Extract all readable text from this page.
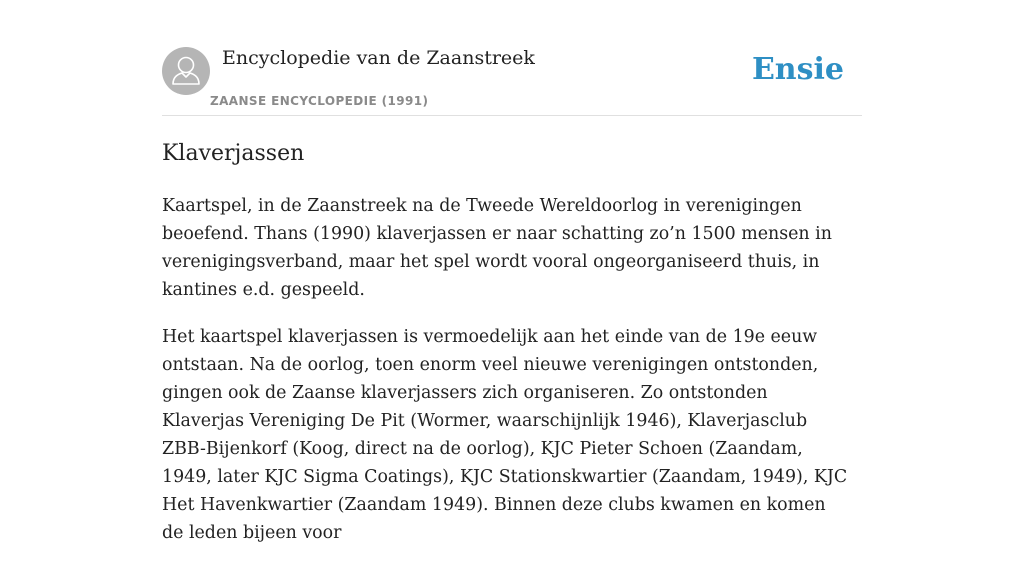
Encyclopedie van de Zaanstreek
ZAANSE ENCYCLOPEDIE (1991)
Ensie
Klaverjassen

Kaartspel, in de Zaanstreek na de Tweede Wereldoorlog in verenigingen beoefend. Thans (1990) klaverjassen er naar schatting zo’n 1500 mensen in verenigingsverband, maar het spel wordt vooral ongeorganiseerd thuis, in kantines e.d. gespeeld.

Het kaartspel klaverjassen is vermoedelijk aan het einde van de 19e eeuw ontstaan. Na de oorlog, toen enorm veel nieuwe verenigingen ontstonden, gingen ook de Zaanse klaverjassers zich organiseren. Zo ontstonden Klaverjas Vereniging De Pit (Wormer, waarschijnlijk 1946), Klaverjasclub ZBB-Bijenkorf (Koog, direct na de oorlog), KJC Pieter Schoen (Zaandam, 1949, later KJC Sigma Coatings), KJC Stationskwartier (Zaandam, 1949), KJC Het Havenkwartier (Zaandam 1949). Binnen deze clubs kwamen en komen de leden bijeen voor
